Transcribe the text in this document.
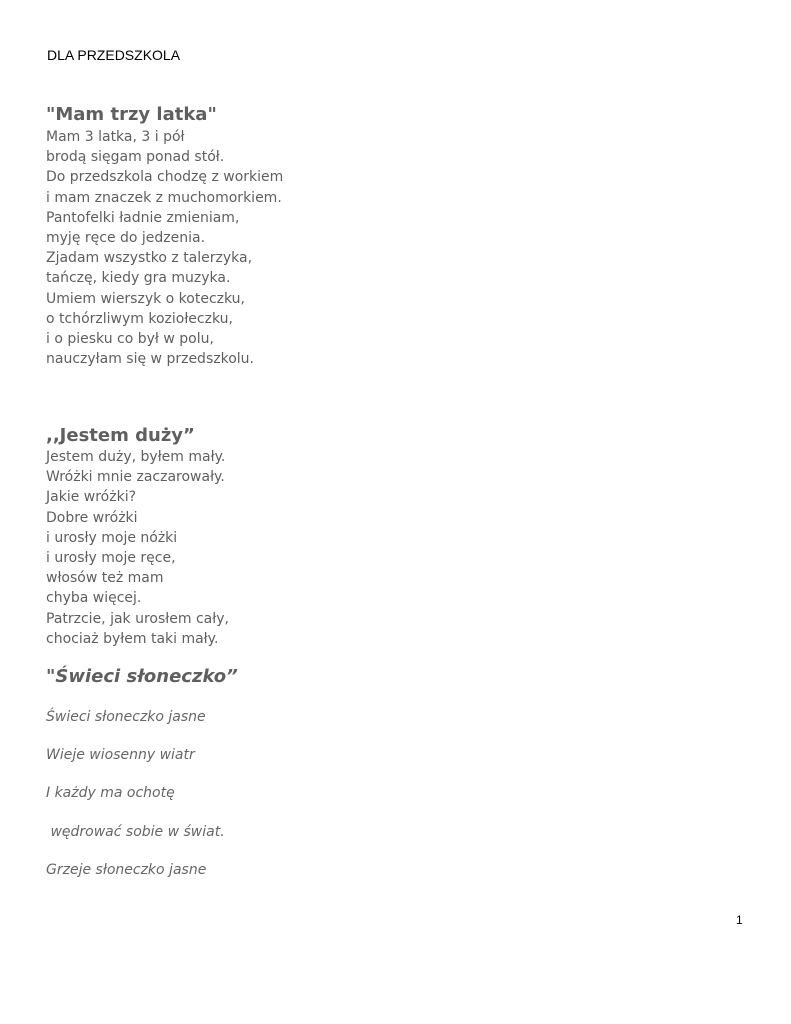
DLA PRZEDSZKOLA
"Mam trzy latka"
Mam 3 latka, 3 i pół
brodą sięgam ponad stół.
Do przedszkola chodzę z workiem
i mam znaczek z muchomorkiem.
Pantofelki ładnie zmieniam,
myję ręce do jedzenia.
Zjadam wszystko z talerzyka,
tańczę, kiedy gra muzyka.
Umiem wierszyk o koteczku,
o tchórzliwym koziołeczku,
i o piesku co był w polu,
nauczyłam się w przedszkolu.
,,Jestem duży”
Jestem duży, byłem mały.
Wróżki mnie zaczarowały.
Jakie wróżki?
Dobre wróżki
i urosły moje nóżki
i urosły moje ręce,
włosów też mam
chyba więcej.
Patrzcie, jak urosłem cały,
chociaż byłem taki mały.
"Świeci słoneczko”
Świeci słoneczko jasne
Wieje wiosenny wiatr
I każdy ma ochotę
wędrować sobie w świat.
Grzeje słoneczko jasne
1
